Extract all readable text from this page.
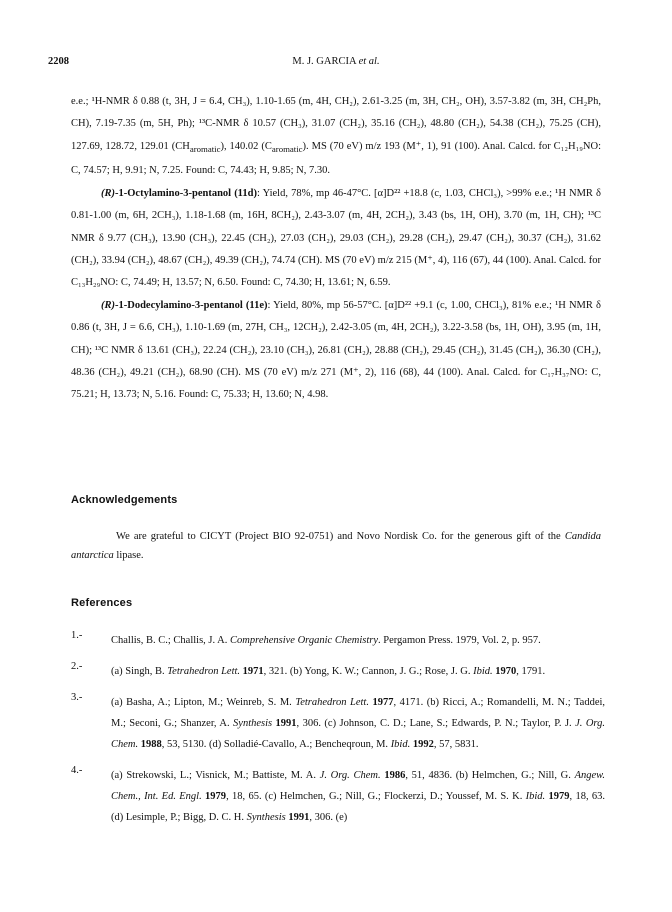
2208	M. J. GARCIA et al.

e.e.; ¹H-NMR δ 0.88 (t, 3H, J = 6.4, CH₃), 1.10-1.65 (m, 4H, CH₂), 2.61-3.25 (m, 3H, CH₂, OH), 3.57-3.82 (m, 3H, CH₂Ph, CH), 7.19-7.35 (m, 5H, Ph); ¹³C-NMR δ 10.57 (CH₃), 31.07 (CH₂), 35.16 (CH₂), 48.80 (CH₂), 54.38 (CH₂), 75.25 (CH), 127.69, 128.72, 129.01 $(CH_{aromatic})$, 140.02 $(C_{aromatic})$. MS (70 eV) m/z 193 (M⁺, 1), 91 (100). Anal. Calcd. for C₁₂H₁₉NO: C, 74.57; H, 9.91; N, 7.25. Found: C, 74.43; H, 9.85; N, 7.30.

(R)-1-Octylamino-3-pentanol (11d): Yield, 78%, mp 46-47°C. [α]D²² +18.8 (c, 1.03, CHCl₃), >99% e.e.; ¹H NMR δ 0.81-1.00 (m, 6H, 2CH₃), 1.18-1.68 (m, 16H, 8CH₂), 2.43-3.07 (m, 4H, 2CH₂), 3.43 (bs, 1H, OH), 3.70 (m, 1H, CH); ¹³C NMR δ 9.77 (CH₃), 13.90 (CH₃), 22.45 (CH₂), 27.03 (CH₂), 29.03 (CH₂), 29.28 (CH₂), 29.47 (CH₂), 30.37 (CH₂), 31.62 (CH₂), 33.94 (CH₂), 48.67 (CH₂), 49.39 (CH₂), 74.74 (CH). MS (70 eV) m/z 215 (M⁺, 4), 116 (67), 44 (100). Anal. Calcd. for C₁₃H₂₉NO: C, 74.49; H, 13.57; N, 6.50. Found: C, 74.30; H, 13.61; N, 6.59.

(R)-1-Dodecylamino-3-pentanol (11e): Yield, 80%, mp 56-57°C. [α]D²² +9.1 (c, 1.00, CHCl₃), 81% e.e.; ¹H NMR δ 0.86 (t, 3H, J = 6.6, CH₃), 1.10-1.69 (m, 27H, CH₃, 12CH₂), 2.42-3.05 (m, 4H, 2CH₂), 3.22-3.58 (bs, 1H, OH), 3.95 (m, 1H, CH); ¹³C NMR δ 13.61 (CH₃), 22.24 (CH₂), 23.10 (CH₃), 26.81 (CH₂), 28.88 (CH₂), 29.45 (CH₂), 31.45 (CH₂), 36.30 (CH₂), 48.36 (CH₂), 49.21 (CH₂), 68.90 (CH). MS (70 eV) m/z 271 (M⁺, 2), 116 (68), 44 (100). Anal. Calcd. for C₁₇H₃₇NO: C, 75.21; H, 13.73; N, 5.16. Found: C, 75.33; H, 13.60; N, 4.98.

Acknowledgements

We are grateful to CICYT (Project BIO 92-0751) and Novo Nordisk Co. for the generous gift of the Candida antarctica lipase.

References
1.-	Challis, B. C.; Challis, J. A. Comprehensive Organic Chemistry. Pergamon Press. 1979, Vol. 2, p. 957.
2.-	(a) Singh, B. Tetrahedron Lett. 1971, 321. (b) Yong, K. W.; Cannon, J. G.; Rose, J. G. Ibid. 1970, 1791.
3.-	(a) Basha, A.; Lipton, M.; Weinreb, S. M. Tetrahedron Lett. 1977, 4171. (b) Ricci, A.; Romandelli, M. N.; Taddei, M.; Seconi, G.; Shanzer, A. Synthesis 1991, 306. (c) Johnson, C. D.; Lane, S.; Edwards, P. N.; Taylor, P. J. J. Org. Chem. 1988, 53, 5130. (d) Solladié-Cavallo, A.; Bencheqroun, M. Ibid. 1992, 57, 5831.
4.-	(a) Strekowski, L.; Visnick, M.; Battiste, M. A. J. Org. Chem. 1986, 51, 4836. (b) Helmchen, G.; Nill, G. Angew. Chem., Int. Ed. Engl. 1979, 18, 65. (c) Helmchen, G.; Nill, G.; Flockerzi, D.; Youssef, M. S. K. Ibid. 1979, 18, 63. (d) Lesimple, P.; Bigg, D. C. H. Synthesis 1991, 306. (e)
